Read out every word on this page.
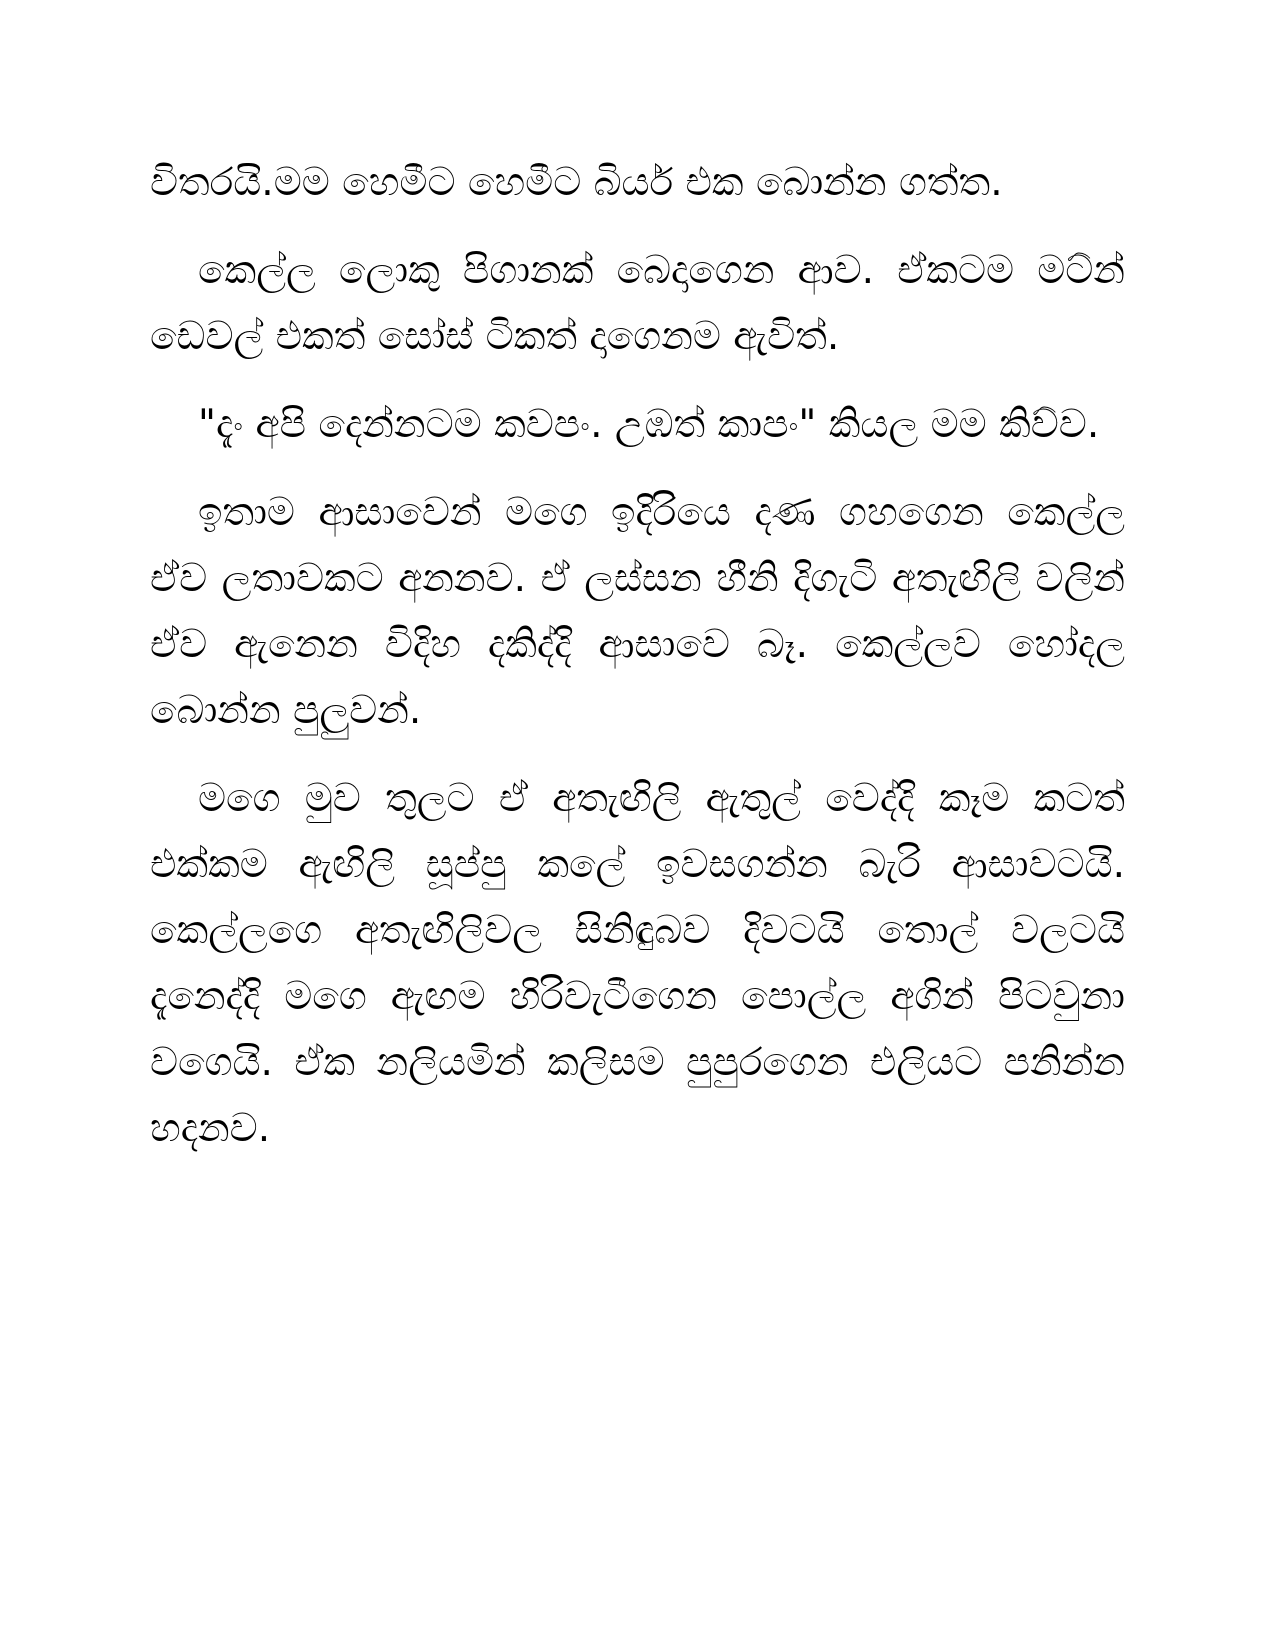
විතරයි.මම හෙමීට හෙමීට බියර් එක බොන්න ගත්ත.

කෙල්ල ලොකු පිගානක් බෙදාගෙන ආව. ඒකටම මට්න් ඩෙවල් එකත් සෝස් ටිකත් දාගෙනම ඇවිත්.

"දැං අපි දෙන්නටම කවපං. උඹත් කාපං" කියල මම කිව්ව.

ඉතාම ආසාවෙන් මගෙ ඉදිරියෙ දණ ගහගෙන කෙල්ල ඒව ලතාවකට අනනව. ඒ ලස්සන හීනි දිගැටි අතැඟිලි වලින් ඒව ඇනෙන විදිහ දකිද්දි ආසාවෙ බෑ. කෙල්ලව හෝදල බොන්න පුලුවන්.

මගෙ මුව තුලට ඒ අතැඟිලි ඇතුල් වෙද්දි කෑම කටත් එක්කම ඇඟිලි සූප්පු කලේ ඉවසගන්න බැරි ආසාවටයි. කෙල්ලගෙ අතැඟිලිවල සිනිඳුබව දිවටයි තොල් වලටයි දැනෙද්දි මගෙ ඇඟම හිරිවැටීගෙන පොල්ල අගින් පිටවුනා වගෙයි. ඒක නලියමින් කලිසම පුපුරගෙන එලියට පනින්න හදනව.
